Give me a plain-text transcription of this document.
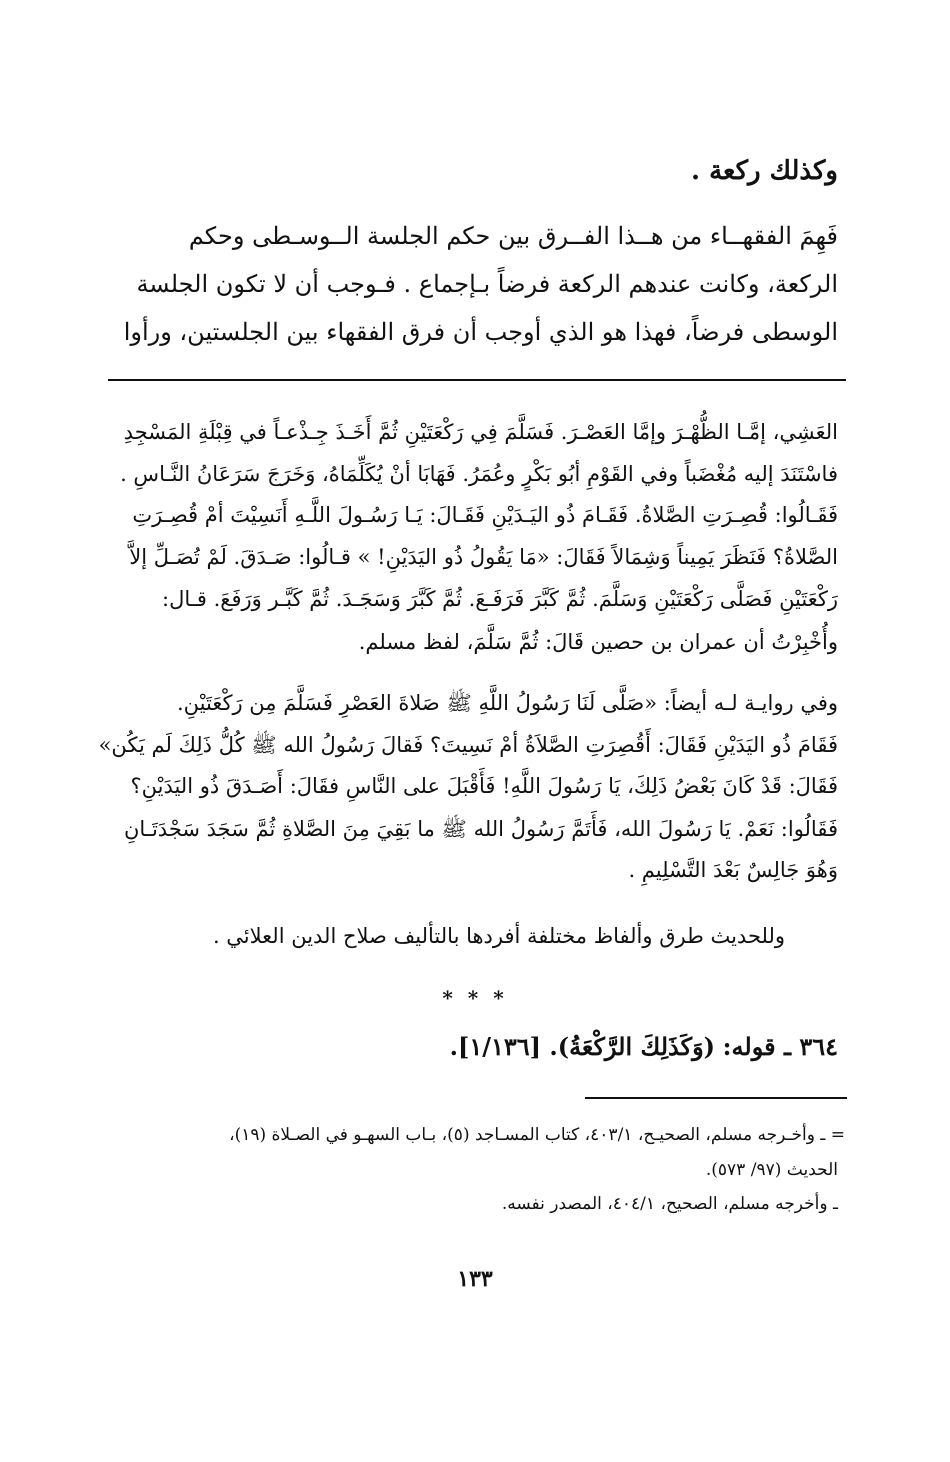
وكذلك ركعة .
فَهِمَ الفقهــاء من هــذا الفــرق بين حكم الجلسة الــوسـطى وحكم
الركعة، وكانت عندهم الركعة فرضاً بـإجماع . فـوجب أن لا تكون الجلسة
الوسطى فرضاً، فهذا هو الذي أوجب أن فرق الفقهاء بين الجلستين، ورأوا
العَشِي، إمَّـا الظُّهْـرَ وإمَّا العَصْـرَ. فَسَلَّمَ فِي رَكْعَتَيْنِ ثُمَّ أَخَـذَ جِـذْعـاً في قِبْلَةِ المَسْجِدِ
فاسْتَنَدَ إليه مُغْضَباً وفي القَوْمِ أبُو بَكْرٍ وعُمَرُ. فَهَابَا أنْ يُكَلِّمَاهُ، وَخَرَجَ سَرَعَانُ النَّـاسِ .
فَقَـالُوا: قُصِـرَتِ الصَّلاةُ. فَقَـامَ ذُو اليَـدَيْنِ فَقَـالَ: يَـا رَسُـولَ اللَّـهِ أَنَسِيْتَ أمْ قُصِـرَتِ
الصَّلاةُ؟ فَنَظَرَ يَمِيناً وَشِمَالاً فَقَالَ: «مَا يَقُولُ ذُو اليَدَيْنِ! » قـالُوا: صَـدَقَ. لَمْ تُصَـلِّ إلاَّ
رَكْعَتَيْنِ فَصَلَّى رَكْعَتَيْنِ وَسَلَّمَ. ثُمَّ كَبَّرَ فَرَفَـعَ. ثُمَّ كَبَّرَ وَسَجَـدَ. ثُمَّ كَبَّـر وَرَفَعَ. قـال:
وأُخْبِرْتُ أن عمران بن حصين قَالَ: ثُمَّ سَلَّمَ، لفظ مسلم.
وفي روايـة لـه أيضاً: «صَلَّى لَنَا رَسُولُ اللَّهِ ﷺ صَلاةَ العَصْرِ فَسَلَّمَ مِن رَكْعَتَيْنِ.
فَقَامَ ذُو اليَدَيْنِ فَقَالَ: أَقُصِرَتِ الصَّلاَةُ أمْ نَسِيتَ؟ فَقالَ رَسُولُ الله ﷺ كُلُّ ذَلِكَ لَم يَكُن»
فَقَالَ: قَدْ كَانَ بَعْضُ ذَلِكَ، يَا رَسُولَ اللَّهِ! فَأَقْبَلَ على النَّاسِ فقَالَ: أَصَـدَقَ ذُو اليَدَيْنِ؟
فَقَالُوا: نَعَمْ. يَا رَسُولَ الله، فَأَتَمَّ رَسُولُ الله ﷺ ما بَقِيَ مِنَ الصَّلاةِ ثُمَّ سَجَدَ سَجْدَتَـانِ
وَهُوَ جَالِسٌ بَعْدَ التَّسْلِيمِ .
وللحديث طرق وألفاظ مختلفة أفردها بالتأليف صلاح الدين العلائي .
* * *
٣٦٤ ـ قوله: (وَكَذَلِكَ الرَّكْعَةُ). [١/١٣٦].
= ـ وأخـرجه مسلم، الصحيـح، ٤٠٣/١، كتاب المسـاجد (٥)، بـاب السهـو في الصـلاة (١٩)،
الحديث (٩٧/ ٥٧٣).
ـ وأخرجه مسلم، الصحيح، ٤٠٤/١، المصدر نفسه.
١٣٣
